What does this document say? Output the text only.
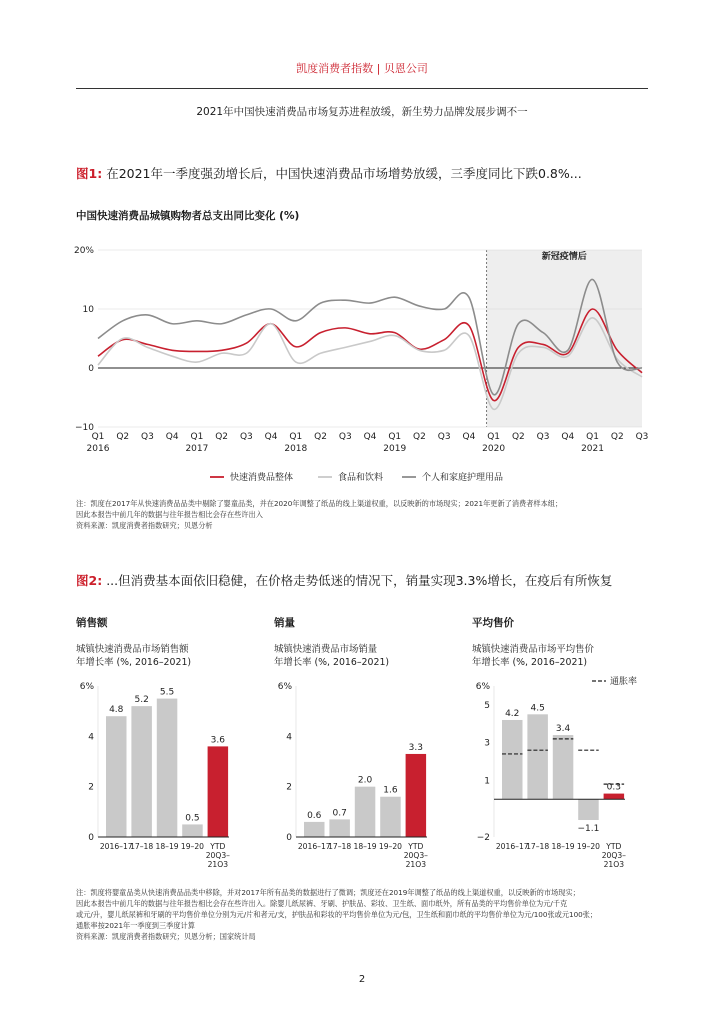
凯度消费者指数 | 贝恩公司
2021年中国快速消费品市场复苏进程放缓，新生势力品牌发展步调不一
图1: 在2021年一季度强劲增长后，中国快速消费品市场增势放缓，三季度同比下跌0.8%...
中国快速消费品城镇购物者总支出同比变化 (%)
新冠疫情后
20%
10
0
−10
Q1 Q2 Q3 Q4 Q1 Q2 Q3 Q4 Q1 Q2 Q3 Q4 Q1 Q2 Q3 Q4 Q1 Q2 Q3 Q4 Q1 Q2 Q3
2016	2017	2018	2019	2020	2021
快速消费品整体	食品和饮料	个人和家庭护理用品
注：凯度在2017年从快速消费品品类中剔除了婴童品类，并在2020年调整了纸品的线上渠道权重，以反映新的市场现实；2021年更新了消费者样本组；
因此本报告中前几年的数据与往年报告相比会存在些许出入
资料来源：凯度消费者指数研究；贝恩分析
图2: ...但消费基本面依旧稳健，在价格走势低迷的情况下，销量实现3.3%增长，在疫后有所恢复
销售额
城镇快速消费品市场销售额
年增长率 (%, 2016–2021)
6%
4
2
0
4.8
2016–17
5.2
17–18
5.5
18–19
0.5
19–20
3.6
YTD
20Q3–
21Q3
销量
城镇快速消费品市场销量
年增长率 (%, 2016–2021)
6%
4
2
0
0.6
2016–17
0.7
17–18
2.0
18–19
1.6
19–20
3.3
YTD
20Q3–
21Q3
平均售价
城镇快速消费品市场平均售价
年增长率 (%, 2016–2021)
6%
5
3
1
−2
4.2
2016–17
4.5
17–18
3.4
18–19
−1.1
19–20
0.3
YTD
20Q3–
21Q3
通胀率
注：凯度将婴童品类从快速消费品品类中移除，并对2017年所有品类的数据进行了微调；凯度还在2019年调整了纸品的线上渠道权重，以反映新的市场现实；
因此本报告中前几年的数据与往年报告相比会存在些许出入。除婴儿纸尿裤、牙刷、护肤品、彩妆、卫生纸、面巾纸外，所有品类的平均售价单位为元/千克
或元/升，婴儿纸尿裤和牙刷的平均售价单位分别为元/片和者元/支，护肤品和彩妆的平均售价单位为元/包，卫生纸和面巾纸的平均售价单位为元/100张或元100张；
通胀率按2021年一季度到三季度计算
资料来源：凯度消费者指数研究；贝恩分析；国家统计局
2
